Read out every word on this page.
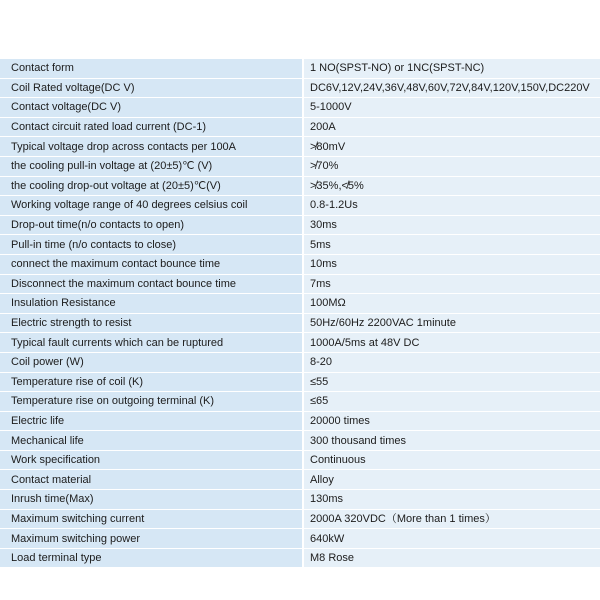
Contact form	1 NO(SPST-NO) or 1NC(SPST-NC)
Coil Rated voltage(DC V)	DC6V,12V,24V,36V,48V,60V,72V,84V,120V,150V,DC220V
Contact voltage(DC V)	5-1000V
Contact circuit rated load current (DC-1)	200A
Typical voltage drop across contacts per 100A	≯80mV
the cooling pull-in voltage at (20±5)℃ (V)	≯70%
the cooling drop-out voltage at (20±5)℃(V)	≯35%,≮5%
Working voltage range of 40 degrees celsius coil	0.8-1.2Us
Drop-out time(n/o contacts to open)	30ms
Pull-in time (n/o contacts to close)	5ms
connect the maximum contact bounce time	10ms
Disconnect the maximum contact bounce time	7ms
Insulation Resistance	100MΩ
Electric strength to resist	50Hz/60Hz 2200VAC 1minute
Typical fault currents which can be ruptured	1000A/5ms at 48V DC
Coil power (W)	8-20
Temperature rise of coil (K)	≤55
Temperature rise on outgoing terminal (K)	≤65
Electric life	20000 times
Mechanical life	300 thousand times
Work specification	Continuous
Contact material	Alloy
Inrush time(Max)	130ms
Maximum switching current	2000A 320VDC（More than 1 times）
Maximum switching power	640kW
Load terminal type	M8 Rose
